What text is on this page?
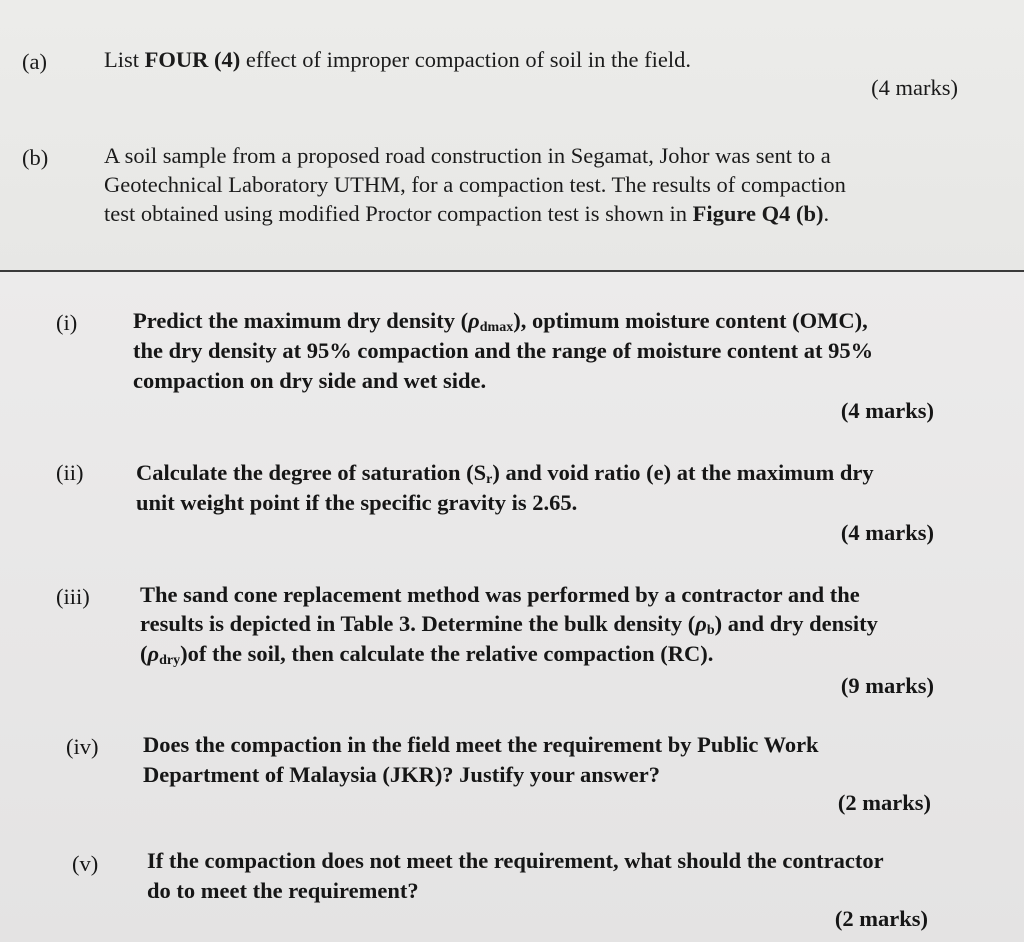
(a)	List FOUR (4) effect of improper compaction of soil in the field.
(4 marks)
(b) A soil sample from a proposed road construction in Segamat, Johor was sent to a
Geotechnical Laboratory UTHM, for a compaction test. The results of compaction
test obtained using modified Proctor compaction test is shown in Figure Q4 (b).
(i) Predict the maximum dry density $(\rho_{dmax})$, optimum moisture content (OMC),
the dry density at 95% compaction and the range of moisture content at 95%
compaction on dry side and wet side.
(4 marks)
(ii) Calculate the degree of saturation $(S_r)$ and void ratio (e) at the maximum dry
unit weight point if the specific gravity is 2.65.
(4 marks)
(iii) The sand cone replacement method was performed by a contractor and the
results is depicted in Table 3. Determine the bulk density $(\rho_b)$ and dry density
$(\rho_{dry})of$ the soil, then calculate the relative compaction (RC).
(9 marks)
(iv) Does the compaction in the field meet the requirement by Public Work
Department of Malaysia (JKR)? Justify your answer?
(2 marks)
(v) If the compaction does not meet the requirement, what should the contractor
do to meet the requirement?
(2 marks)
